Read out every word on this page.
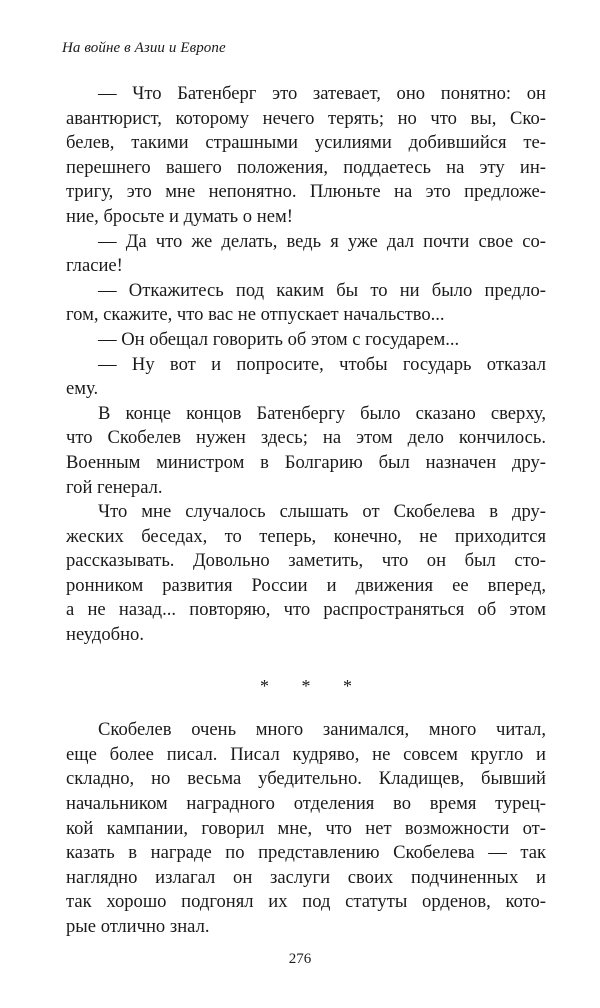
На войне в Азии и Европе
— Что Батенберг это затевает, оно понятно: он
авантюрист, которому нечего терять; но что вы, Ско-
белев, такими страшными усилиями добившийся те-
перешнего вашего положения, поддаетесь на эту ин-
тригу, это мне непонятно. Плюньте на это предложе-
ние, бросьте и думать о нем!
— Да что же делать, ведь я уже дал почти свое со-
гласие!
— Откажитесь под каким бы то ни было предло-
гом, скажите, что вас не отпускает начальство...
— Он обещал говорить об этом с государем...
— Ну вот и попросите, чтобы государь отказал
ему.
В конце концов Батенбергу было сказано сверху,
что Скобелев нужен здесь; на этом дело кончилось.
Военным министром в Болгарию был назначен дру-
гой генерал.
Что мне случалось слышать от Скобелева в дру-
жеских беседах, то теперь, конечно, не приходится
рассказывать. Довольно заметить, что он был сто-
ронником развития России и движения ее вперед,
а не назад... повторяю, что распространяться об этом
неудобно.
* * *
Скобелев очень много занимался, много читал,
еще более писал. Писал кудряво, не совсем кругло и
складно, но весьма убедительно. Кладищев, бывший
начальником наградного отделения во время турец-
кой кампании, говорил мне, что нет возможности от-
казать в награде по представлению Скобелева — так
наглядно излагал он заслуги своих подчиненных и
так хорошо подгонял их под статуты орденов, кото-
рые отлично знал.
276
